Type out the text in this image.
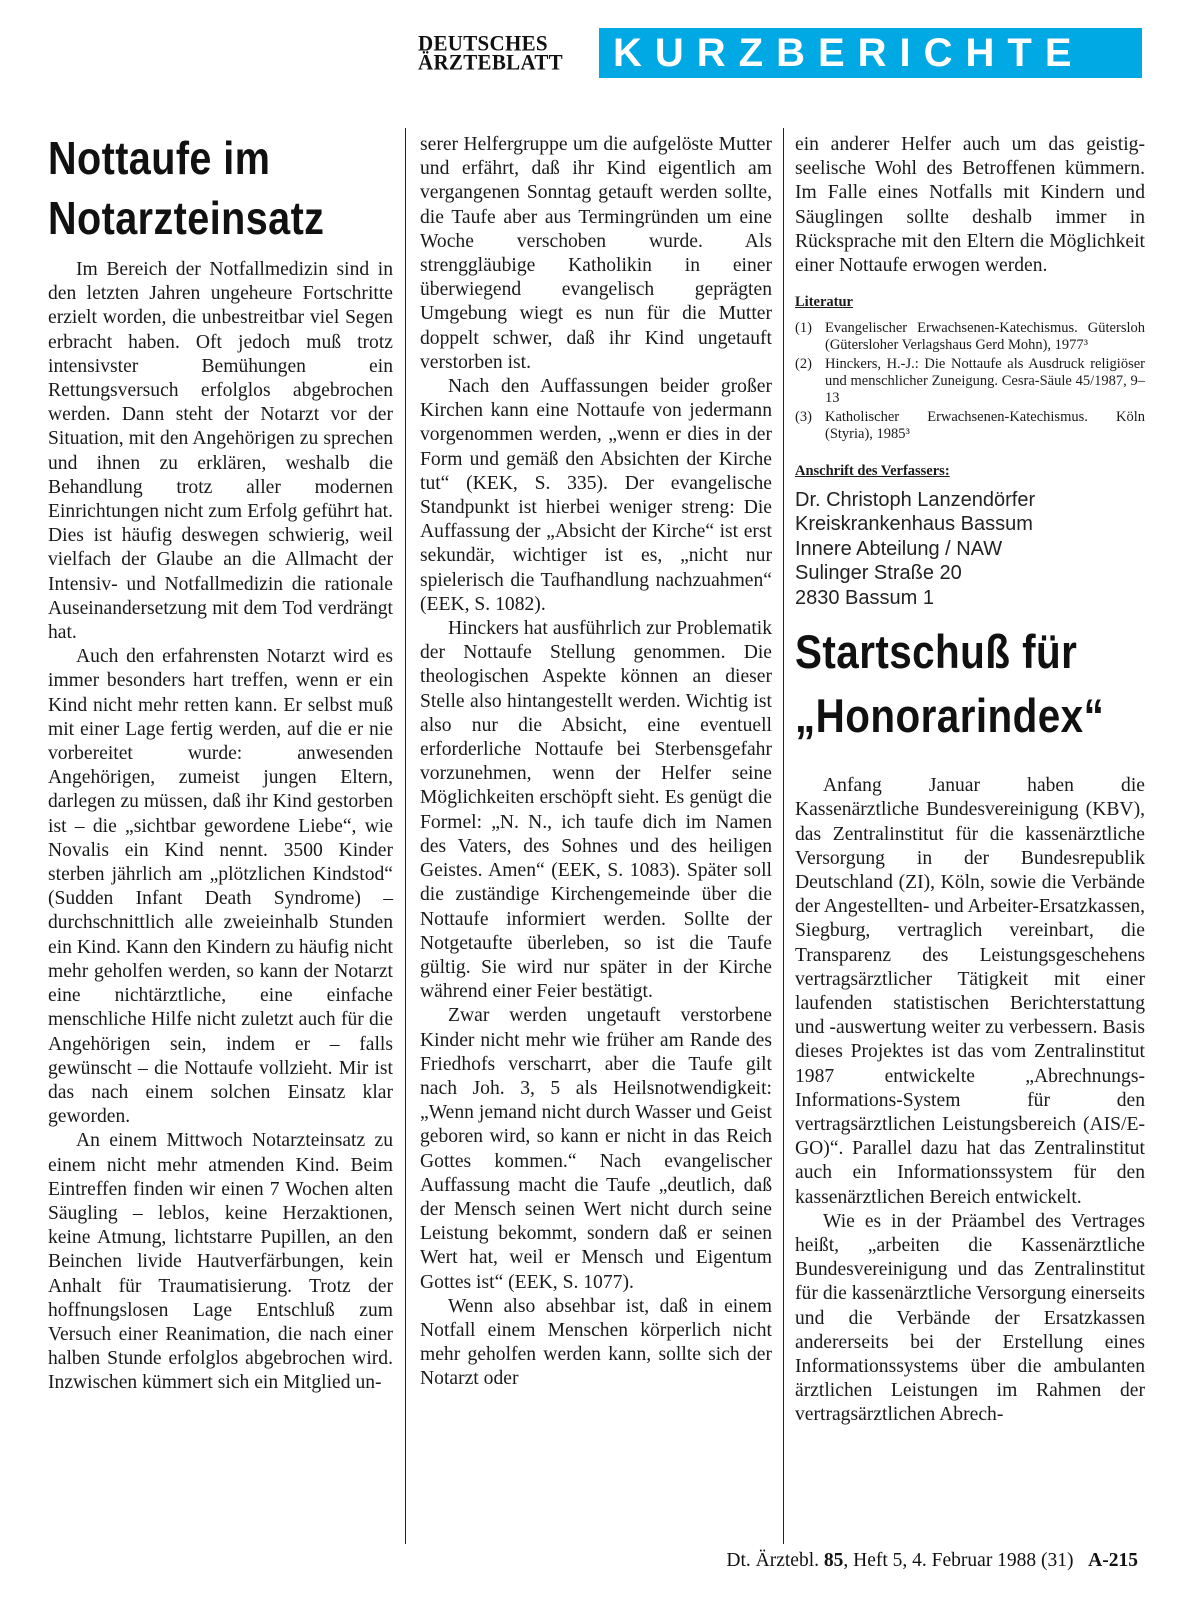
DEUTSCHES
ÄRZTEBLATT	KURZBERICHTE
Nottaufe im
Notarzteinsatz

Im Bereich der Notfallmedizin sind in den letzten Jahren ungeheure Fortschritte erzielt worden, die unbestreitbar viel Segen erbracht haben. Oft jedoch muß trotz intensivster Bemühungen ein Rettungsversuch erfolglos abgebrochen werden. Dann steht der Notarzt vor der Situation, mit den Angehörigen zu sprechen und ihnen zu erklären, weshalb die Behandlung trotz aller modernen Einrichtungen nicht zum Erfolg geführt hat. Dies ist häufig deswegen schwierig, weil vielfach der Glaube an die Allmacht der Intensiv- und Notfallmedizin die rationale Auseinandersetzung mit dem Tod verdrängt hat.

Auch den erfahrensten Notarzt wird es immer besonders hart treffen, wenn er ein Kind nicht mehr retten kann. Er selbst muß mit einer Lage fertig werden, auf die er nie vorbereitet wurde: anwesenden Angehörigen, zumeist jungen Eltern, darlegen zu müssen, daß ihr Kind gestorben ist – die „sichtbar gewordene Liebe“, wie Novalis ein Kind nennt. 3500 Kinder sterben jährlich am „plötzlichen Kindstod“ (Sudden Infant Death Syndrome) – durchschnittlich alle zweieinhalb Stunden ein Kind. Kann den Kindern zu häufig nicht mehr geholfen werden, so kann der Notarzt eine nichtärztliche, eine einfache menschliche Hilfe nicht zuletzt auch für die Angehörigen sein, indem er – falls gewünscht – die Nottaufe vollzieht. Mir ist das nach einem solchen Einsatz klar geworden.

An einem Mittwoch Notarzteinsatz zu einem nicht mehr atmenden Kind. Beim Eintreffen finden wir einen 7 Wochen alten Säugling – leblos, keine Herzaktionen, keine Atmung, lichtstarre Pupillen, an den Beinchen livide Hautverfärbungen, kein Anhalt für Traumatisierung. Trotz der hoffnungslosen Lage Entschluß zum Versuch einer Reanimation, die nach einer halben Stunde erfolglos abgebrochen wird. Inzwischen kümmert sich ein Mitglied un-

serer Helfergruppe um die aufgelöste Mutter und erfährt, daß ihr Kind eigentlich am vergangenen Sonntag getauft werden sollte, die Taufe aber aus Termingründen um eine Woche verschoben wurde. Als strenggläubige Katholikin in einer überwiegend evangelisch geprägten Umgebung wiegt es nun für die Mutter doppelt schwer, daß ihr Kind ungetauft verstorben ist.

Nach den Auffassungen beider großer Kirchen kann eine Nottaufe von jedermann vorgenommen werden, „wenn er dies in der Form und gemäß den Absichten der Kirche tut“ (KEK, S. 335). Der evangelische Standpunkt ist hierbei weniger streng: Die Auffassung der „Absicht der Kirche“ ist erst sekundär, wichtiger ist es, „nicht nur spielerisch die Taufhandlung nachzuahmen“ (EEK, S. 1082).

Hinckers hat ausführlich zur Problematik der Nottaufe Stellung genommen. Die theologischen Aspekte können an dieser Stelle also hintangestellt werden. Wichtig ist also nur die Absicht, eine eventuell erforderliche Nottaufe bei Sterbensgefahr vorzunehmen, wenn der Helfer seine Möglichkeiten erschöpft sieht. Es genügt die Formel: „N. N., ich taufe dich im Namen des Vaters, des Sohnes und des heiligen Geistes. Amen“ (EEK, S. 1083). Später soll die zuständige Kirchengemeinde über die Nottaufe informiert werden. Sollte der Notgetaufte überleben, so ist die Taufe gültig. Sie wird nur später in der Kirche während einer Feier bestätigt.

Zwar werden ungetauft verstorbene Kinder nicht mehr wie früher am Rande des Friedhofs verscharrt, aber die Taufe gilt nach Joh. 3, 5 als Heilsnotwendigkeit: „Wenn jemand nicht durch Wasser und Geist geboren wird, so kann er nicht in das Reich Gottes kommen.“ Nach evangelischer Auffassung macht die Taufe „deutlich, daß der Mensch seinen Wert nicht durch seine Leistung bekommt, sondern daß er seinen Wert hat, weil er Mensch und Eigentum Gottes ist“ (EEK, S. 1077).

Wenn also absehbar ist, daß in einem Notfall einem Menschen körperlich nicht mehr geholfen werden kann, sollte sich der Notarzt oder

ein anderer Helfer auch um das geistig-seelische Wohl des Betroffenen kümmern. Im Falle eines Notfalls mit Kindern und Säuglingen sollte deshalb immer in Rücksprache mit den Eltern die Möglichkeit einer Nottaufe erwogen werden.

Literatur
(1) Evangelischer Erwachsenen-Katechismus. Gütersloh (Gütersloher Verlagshaus Gerd Mohn), 1977³
(2) Hinckers, H.-J.: Die Nottaufe als Ausdruck religiöser und menschlicher Zuneigung. Cesra-Säule 45/1987, 9–13
(3) Katholischer Erwachsenen-Katechismus. Köln (Styria), 1985³
Anschrift des Verfassers:
Dr. Christoph Lanzendörfer
Kreiskrankenhaus Bassum
Innere Abteilung / NAW
Sulinger Straße 20
2830 Bassum 1
Startschuß für
„Honorarindex“

Anfang Januar haben die Kassenärztliche Bundesvereinigung (KBV), das Zentralinstitut für die kassenärztliche Versorgung in der Bundesrepublik Deutschland (ZI), Köln, sowie die Verbände der Angestellten- und Arbeiter-Ersatzkassen, Siegburg, vertraglich vereinbart, die Transparenz des Leistungsgeschehens vertragsärztlicher Tätigkeit mit einer laufenden statistischen Berichterstattung und -auswertung weiter zu verbessern. Basis dieses Projektes ist das vom Zentralinstitut 1987 entwickelte „Abrechnungs-Informations-System für den vertragsärztlichen Leistungsbereich (AIS/E-GO)“. Parallel dazu hat das Zentralinstitut auch ein Informationssystem für den kassenärztlichen Bereich entwickelt.

Wie es in der Präambel des Vertrages heißt, „arbeiten die Kassenärztliche Bundesvereinigung und das Zentralinstitut für die kassenärztliche Versorgung einerseits und die Verbände der Ersatzkassen andererseits bei der Erstellung eines Informationssystems über die ambulanten ärztlichen Leistungen im Rahmen der vertragsärztlichen Abrech-

Dt. Ärztebl. 85, Heft 5, 4. Februar 1988 (31) A-215
